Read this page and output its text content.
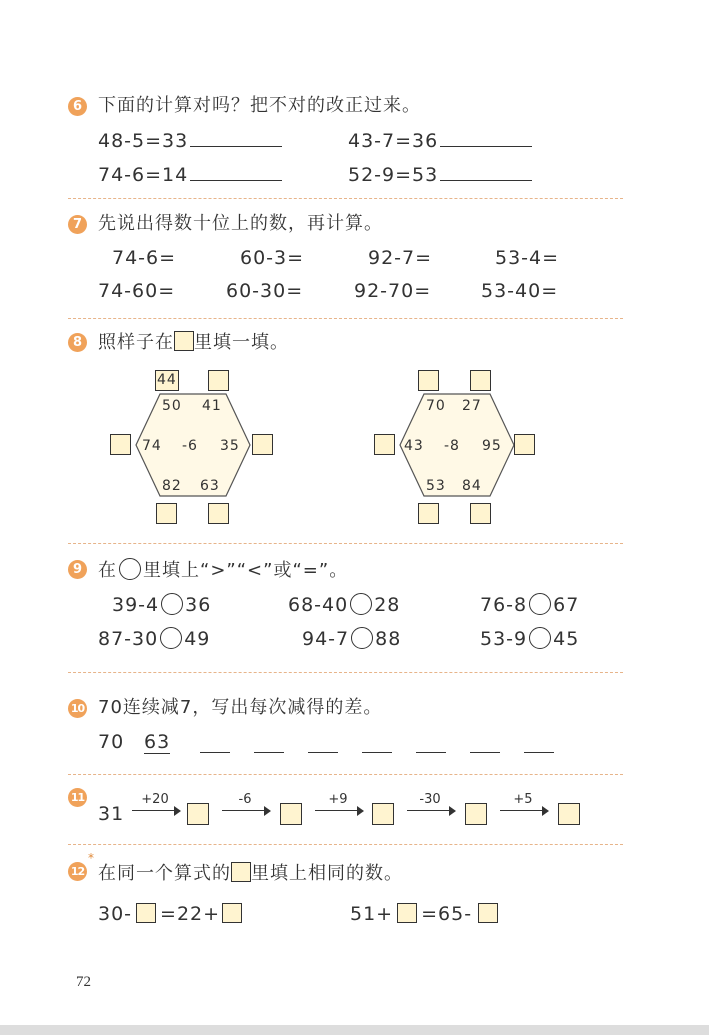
6 下面的计算对吗？把不对的改正过来。
48-5=33	43-7=36
74-6=14	52-9=53
7 先说出得数十位上的数，再计算。
74-6=	60-3=	92-7=	53-4=
74-60=	60-30=	92-70=	53-40=
8 照样子在 里填一填。
44
50 41
74 -6 35
82 63
70 27
43 -8 95
53 84
9 在 里填上“>”“<”或“=”。
39-4 36	68-40 28	76-8 67
87-30 49	94-7 88	53-9 45
10 70连续减7，写出每次减得的差。
70 63
11
31
+20	-6	+9	-30	+5
12
*
在同一个算式的 里填上相同的数。
30- =22+	51+ =65-
72
